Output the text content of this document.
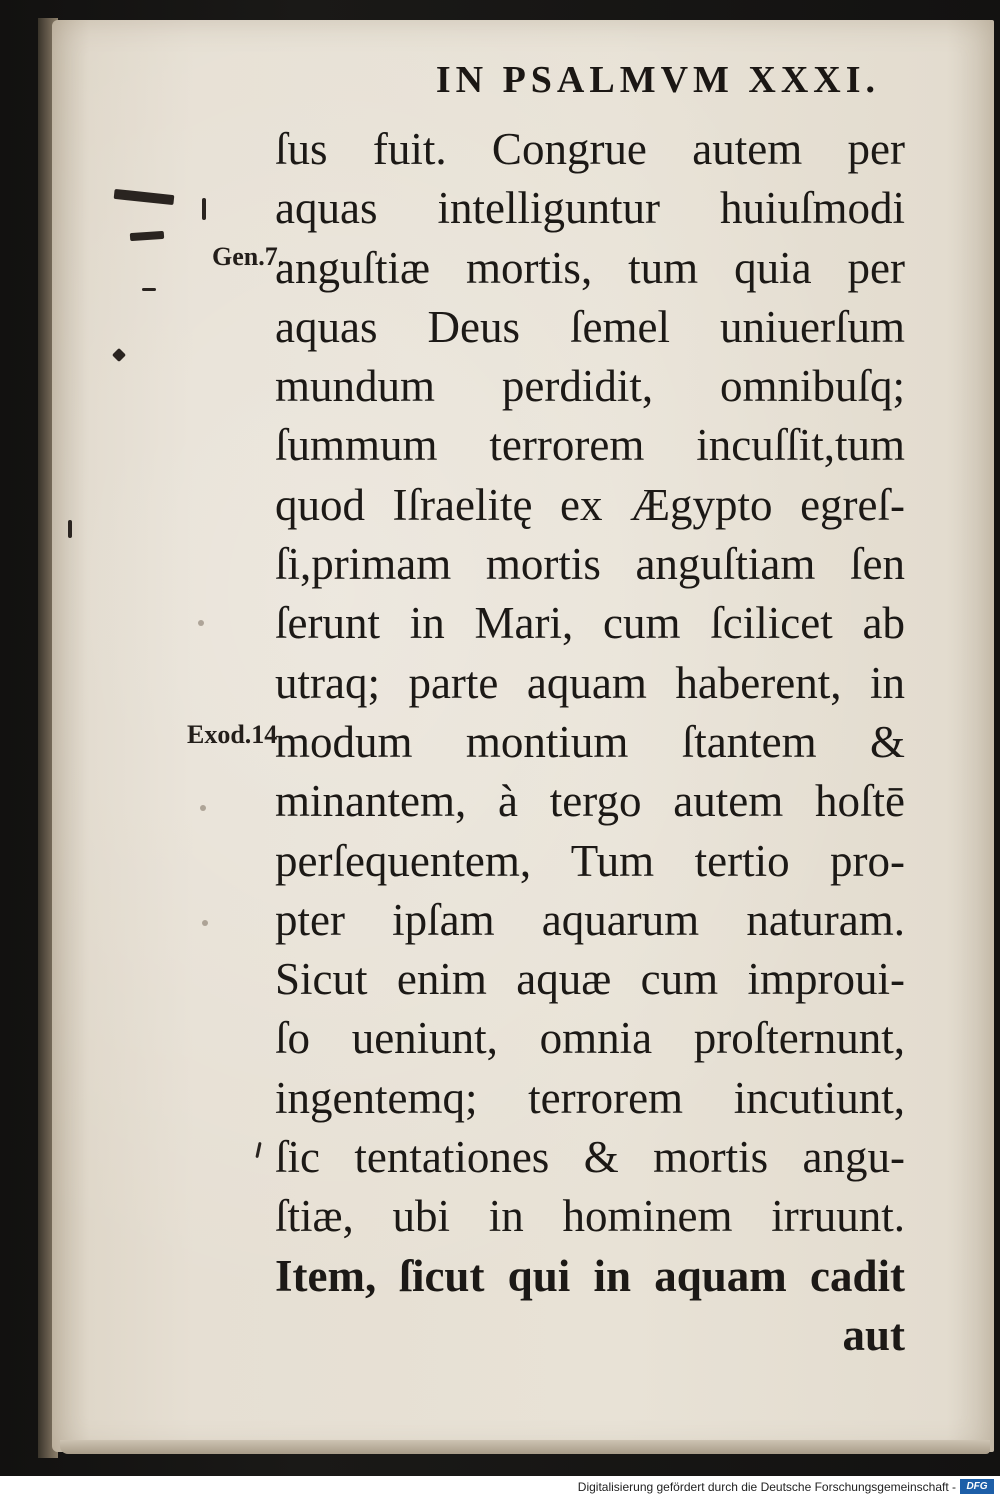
Gen.7.
Exod.14
IN PSALMVM XXXI.
ſus fuit. Congrue autem per
aquas intelliguntur huiuſmodi
anguſtiæ mortis, tum quia per
aquas Deus ſemel uniuerſum
mundum perdidit, omnibuſq;
ſummum terrorem incuſſit,tum
quod Iſraelitę ex Ægypto egreſ-
ſi,primam mortis anguſtiam ſen
ſerunt in Mari, cum ſcilicet ab
utraq; parte aquam haberent, in
modum montium ſtantem &
minantem, à tergo autem hoſtē
perſequentem, Tum tertio pro-
pter ipſam aquarum naturam.
Sicut enim aquæ cum improui-
ſo ueniunt, omnia proſternunt,
ingentemq; terrorem incutiunt,
ſic tentationes & mortis angu-
ſtiæ, ubi in hominem irruunt.
Item, ſicut qui in aquam cadit
aut
Digitalisierung gefördert durch die Deutsche Forschungsgemeinschaft -	DFG
